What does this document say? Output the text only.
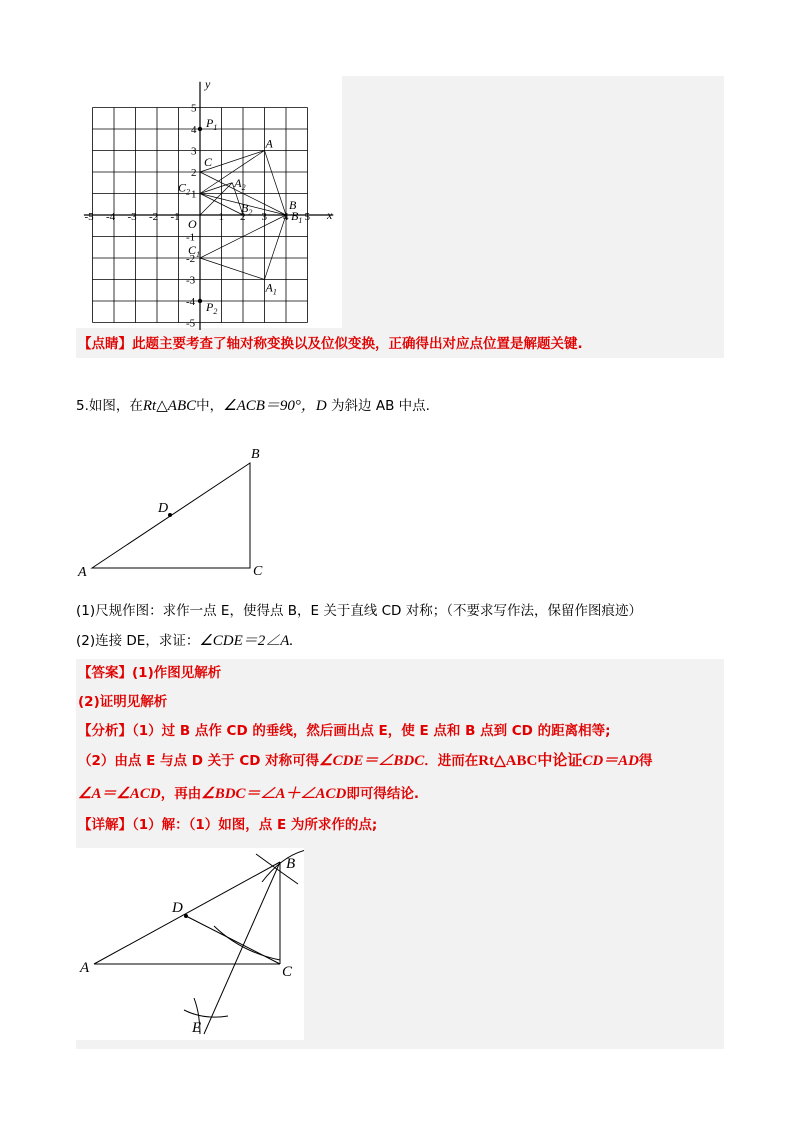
-5 -4 -3 -2 -1	1 2 3 4 5
5
4
3
2
1
-1
-2
-3
-4
-5
x
y
O
$P_1$
$P_2$
A
B
C
$A_2$
$B_2$
$C_2$
$A_1$
$B_1$
$C_1$
【点睛】此题主要考查了轴对称变换以及位似变换，正确得出对应点位置是解题关键.
5.如图，在Rt△ABC中，∠ACB＝90°，D 为斜边 AB 中点.
A
B
C
D
(1)尺规作图：求作一点 E，使得点 B，E 关于直线 CD 对称；（不要求写作法，保留作图痕迹）
(2)连接 DE，求证：∠CDE＝2∠A.
【答案】(1)作图见解析
(2)证明见解析
【分析】（1）过 B 点作 CD 的垂线，然后画出点 E，使 E 点和 B 点到 CD 的距离相等;
（2）由点 E 与点 D 关于 CD 对称可得∠CDE＝∠BDC．进而在Rt△ABC中论证CD＝AD得
∠A＝∠ACD，再由∠BDC＝∠A＋∠ACD即可得结论.
【详解】（1）解：（1）如图，点 E 为所求作的点;
A
B
C
D
E
